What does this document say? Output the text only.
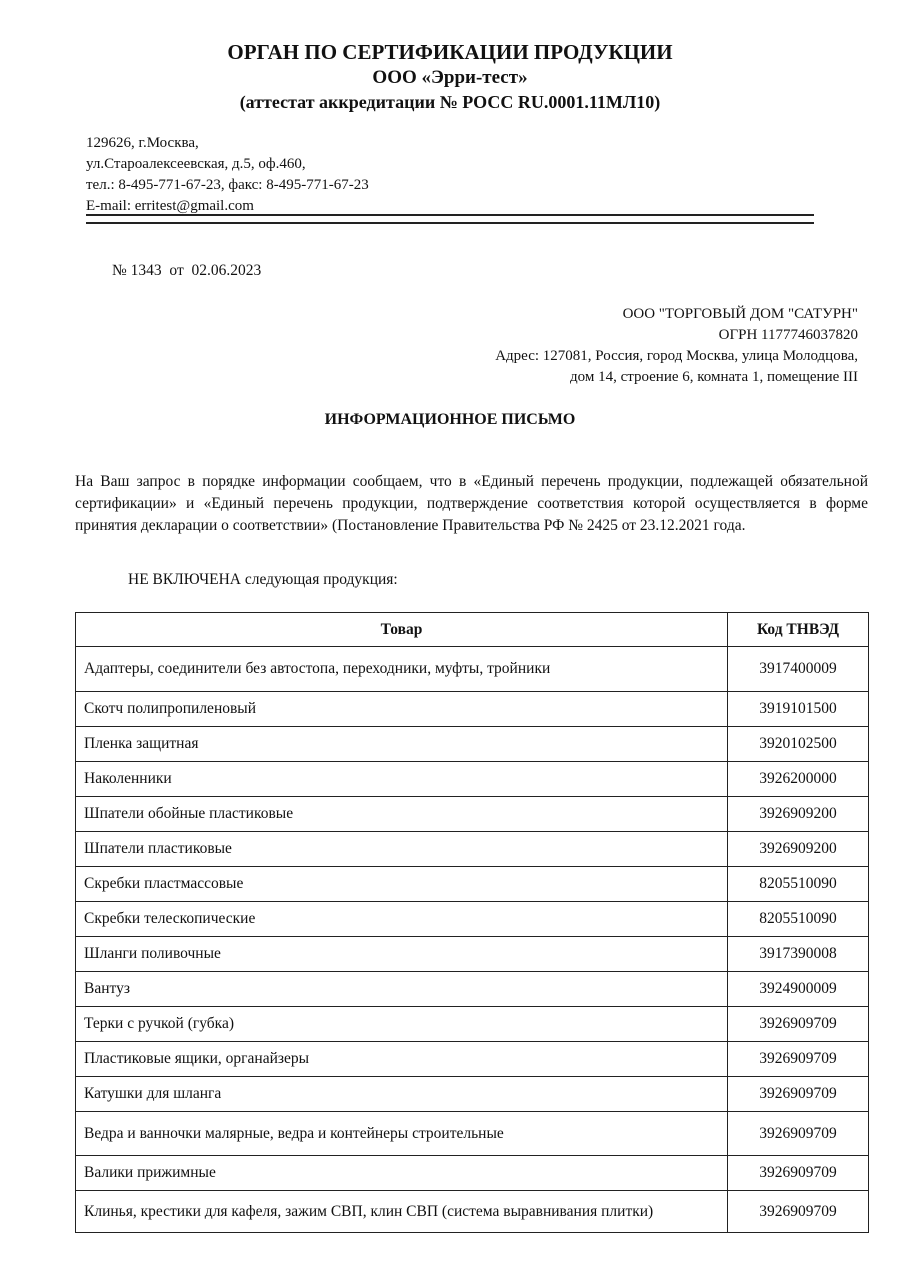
ОРГАН ПО СЕРТИФИКАЦИИ ПРОДУКЦИИ
ООО «Эрри-тест»
(аттестат аккредитации № РОСС RU.0001.11МЛ10)
129626, г.Москва,
ул.Староалексеевская, д.5, оф.460,
тел.: 8-495-771-67-23, факс: 8-495-771-67-23
E-mail: erritest@gmail.com
№ 1343  от  02.06.2023
ООО "ТОРГОВЫЙ ДОМ "САТУРН"
ОГРН 1177746037820
Адрес: 127081, Россия, город Москва, улица Молодцова,
дом 14, строение 6, комната 1, помещение III
ИНФОРМАЦИОННОЕ ПИСЬМО
На Ваш запрос в порядке информации сообщаем, что в «Единый перечень продукции, подлежащей обязательной сертификации» и «Единый перечень продукции, подтверждение соответствия которой осуществляется в форме принятия декларации о соответствии» (Постановление Правительства РФ № 2425 от 23.12.2021 года.
НЕ ВКЛЮЧЕНА следующая продукция:
Товар	Код ТНВЭД
Адаптеры, соединители без автостопа, переходники, муфты, тройники	3917400009
Скотч полипропиленовый	3919101500
Пленка защитная	3920102500
Наколенники	3926200000
Шпатели обойные пластиковые	3926909200
Шпатели пластиковые	3926909200
Скребки пластмассовые	8205510090
Скребки телескопические	8205510090
Шланги поливочные	3917390008
Вантуз	3924900009
Терки с ручкой (губка)	3926909709
Пластиковые ящики, органайзеры	3926909709
Катушки для шланга	3926909709
Ведра и ванночки малярные, ведра и контейнеры строительные	3926909709
Валики прижимные	3926909709
Клинья, крестики для кафеля, зажим СВП, клин СВП (система выравнивания плитки)	3926909709
